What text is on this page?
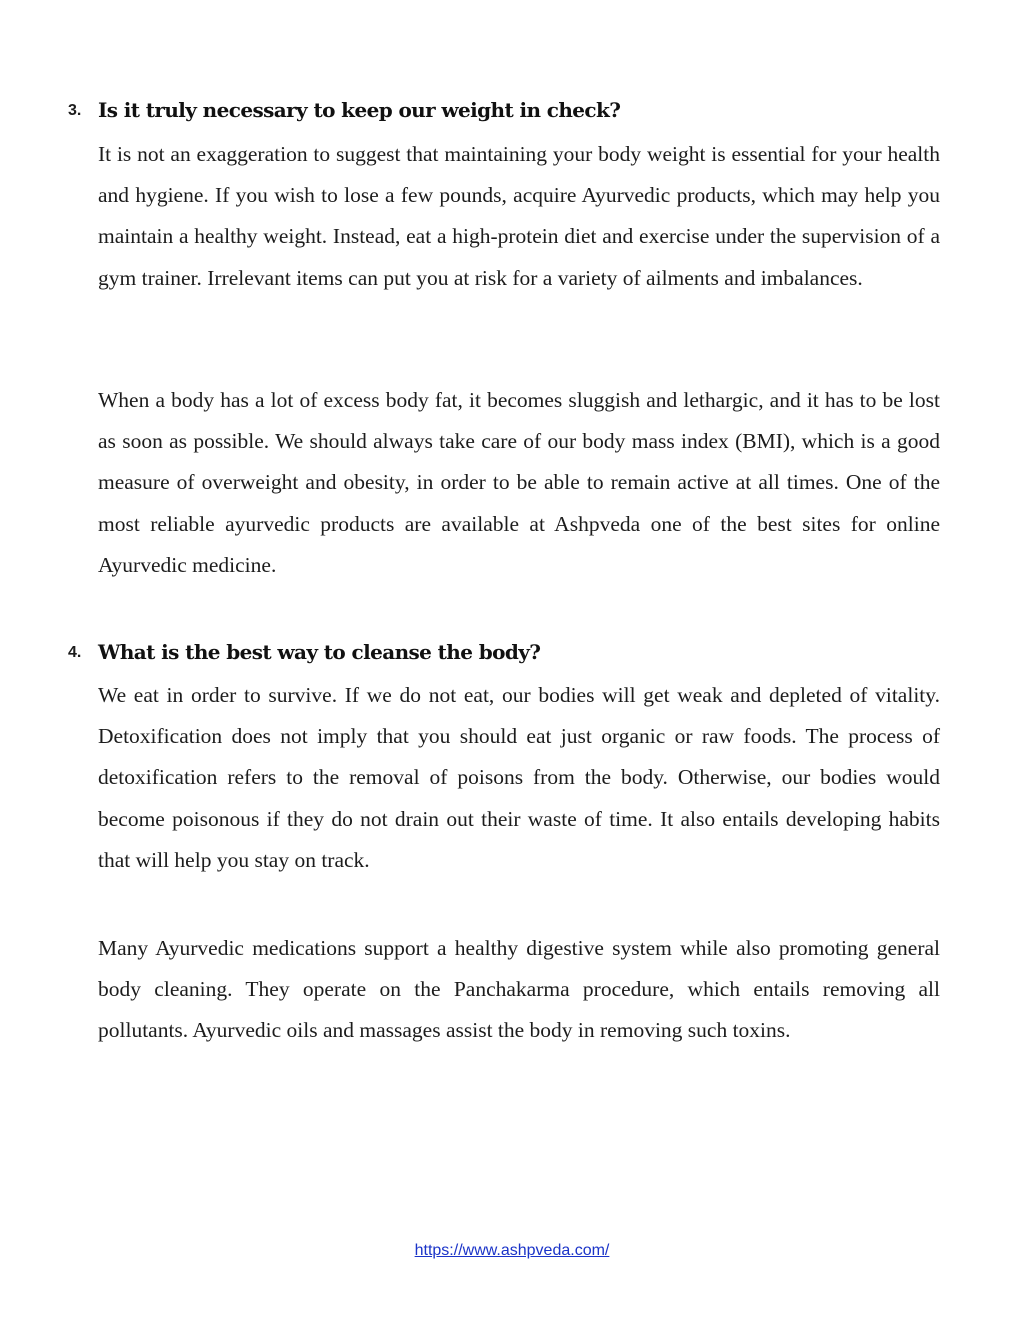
3. Is it truly necessary to keep our weight in check?

It is not an exaggeration to suggest that maintaining your body weight is essential for your health and hygiene. If you wish to lose a few pounds, acquire Ayurvedic products, which may help you maintain a healthy weight. Instead, eat a high-protein diet and exercise under the supervision of a gym trainer. Irrelevant items can put you at risk for a variety of ailments and imbalances.

When a body has a lot of excess body fat, it becomes sluggish and lethargic, and it has to be lost as soon as possible. We should always take care of our body mass index (BMI), which is a good measure of overweight and obesity, in order to be able to remain active at all times. One of the most reliable ayurvedic products are available at Ashpveda one of the best sites for online Ayurvedic medicine.

4. What is the best way to cleanse the body?

We eat in order to survive. If we do not eat, our bodies will get weak and depleted of vitality. Detoxification does not imply that you should eat just organic or raw foods. The process of detoxification refers to the removal of poisons from the body. Otherwise, our bodies would become poisonous if they do not drain out their waste of time. It also entails developing habits that will help you stay on track.

Many Ayurvedic medications support a healthy digestive system while also promoting general body cleaning. They operate on the Panchakarma procedure, which entails removing all pollutants. Ayurvedic oils and massages assist the body in removing such toxins.

https://www.ashpveda.com/
